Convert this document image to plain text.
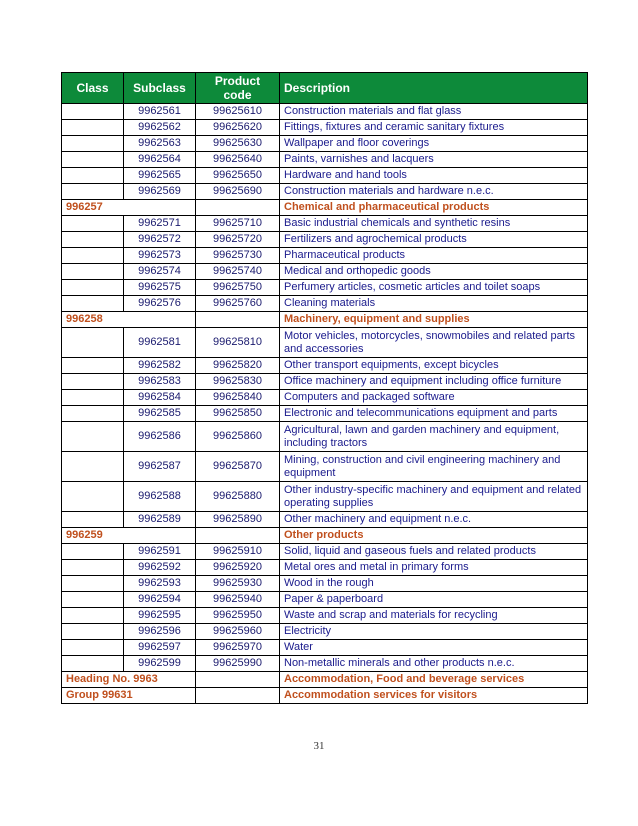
Class	Subclass	Product code	Description
	9962561	99625610	Construction materials and flat glass
	9962562	99625620	Fittings, fixtures and ceramic sanitary fixtures
	9962563	99625630	Wallpaper and floor coverings
	9962564	99625640	Paints, varnishes and lacquers
	9962565	99625650	Hardware and hand tools
	9962569	99625690	Construction materials and hardware n.e.c.
996257			Chemical and pharmaceutical products
	9962571	99625710	Basic industrial chemicals and synthetic resins
	9962572	99625720	Fertilizers and agrochemical products
	9962573	99625730	Pharmaceutical products
	9962574	99625740	Medical and orthopedic goods
	9962575	99625750	Perfumery articles, cosmetic articles and toilet soaps
	9962576	99625760	Cleaning materials
996258			Machinery, equipment and supplies
	9962581	99625810	Motor vehicles, motorcycles, snowmobiles and related parts and accessories
	9962582	99625820	Other transport equipments, except bicycles
	9962583	99625830	Office machinery and equipment including office furniture
	9962584	99625840	Computers and packaged software
	9962585	99625850	Electronic and telecommunications equipment and parts
	9962586	99625860	Agricultural, lawn and garden machinery and equipment, including tractors
	9962587	99625870	Mining, construction and civil engineering machinery and equipment
	9962588	99625880	Other industry-specific machinery and equipment and related operating supplies
	9962589	99625890	Other machinery and equipment n.e.c.
996259			Other products
	9962591	99625910	Solid, liquid and gaseous fuels and related products
	9962592	99625920	Metal ores and metal in primary forms
	9962593	99625930	Wood in the rough
	9962594	99625940	Paper & paperboard
	9962595	99625950	Waste and scrap and materials for recycling
	9962596	99625960	Electricity
	9962597	99625970	Water
	9962599	99625990	Non-metallic minerals and other products n.e.c.
Heading No. 9963			Accommodation, Food and beverage services
Group 99631			Accommodation services for visitors
31
